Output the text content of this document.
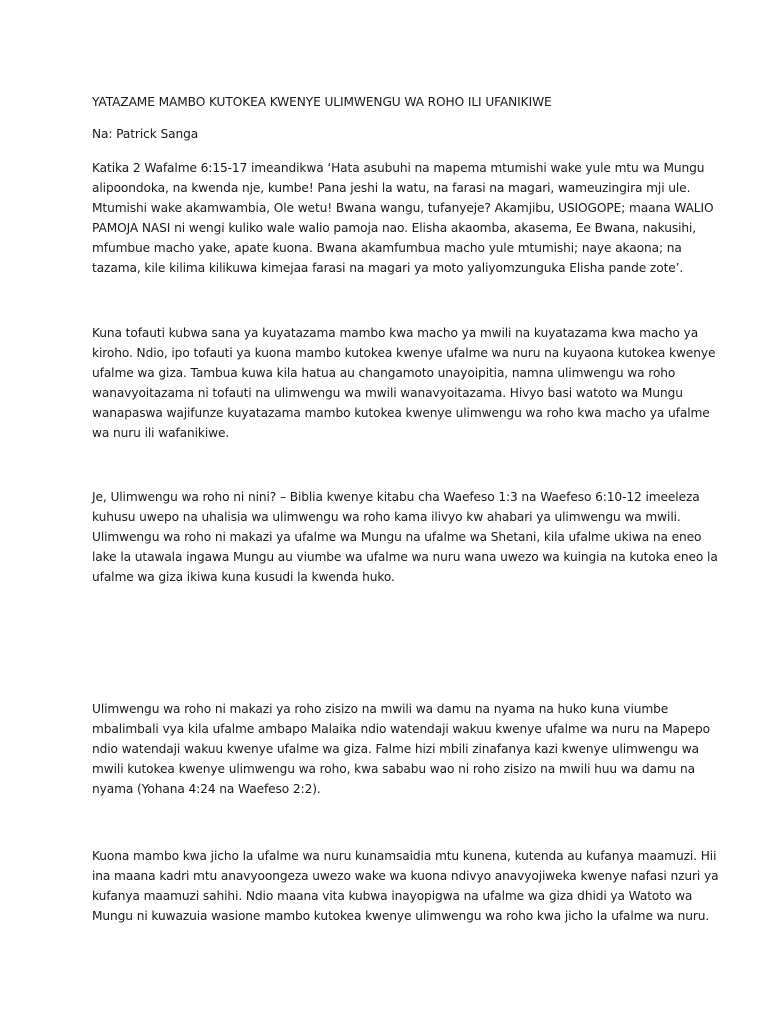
YATAZAME MAMBO KUTOKEA KWENYE ULIMWENGU WA ROHO ILI UFANIKIWE

Na: Patrick Sanga

Katika 2 Wafalme 6:15-17 imeandikwa ‘Hata asubuhi na mapema mtumishi wake yule mtu wa Mungu
alipoondoka, na kwenda nje, kumbe! Pana jeshi la watu, na farasi na magari, wameuzingira mji ule.
Mtumishi wake akamwambia, Ole wetu! Bwana wangu, tufanyeje? Akamjibu, USIOGOPE; maana WALIO
PAMOJA NASI ni wengi kuliko wale walio pamoja nao. Elisha akaomba, akasema, Ee Bwana, nakusihi,
mfumbue macho yake, apate kuona. Bwana akamfumbua macho yule mtumishi; naye akaona; na
tazama, kile kilima kilikuwa kimejaa farasi na magari ya moto yaliyomzunguka Elisha pande zote’.

Kuna tofauti kubwa sana ya kuyatazama mambo kwa macho ya mwili na kuyatazama kwa macho ya
kiroho. Ndio, ipo tofauti ya kuona mambo kutokea kwenye ufalme wa nuru na kuyaona kutokea kwenye
ufalme wa giza. Tambua kuwa kila hatua au changamoto unayoipitia, namna ulimwengu wa roho
wanavyoitazama ni tofauti na ulimwengu wa mwili wanavyoitazama. Hivyo basi watoto wa Mungu
wanapaswa wajifunze kuyatazama mambo kutokea kwenye ulimwengu wa roho kwa macho ya ufalme
wa nuru ili wafanikiwe.

Je, Ulimwengu wa roho ni nini? – Biblia kwenye kitabu cha Waefeso 1:3 na Waefeso 6:10-12 imeeleza
kuhusu uwepo na uhalisia wa ulimwengu wa roho kama ilivyo kw ahabari ya ulimwengu wa mwili.
Ulimwengu wa roho ni makazi ya ufalme wa Mungu na ufalme wa Shetani, kila ufalme ukiwa na eneo
lake la utawala ingawa Mungu au viumbe wa ufalme wa nuru wana uwezo wa kuingia na kutoka eneo la
ufalme wa giza ikiwa kuna kusudi la kwenda huko.

Ulimwengu wa roho ni makazi ya roho zisizo na mwili wa damu na nyama na huko kuna viumbe
mbalimbali vya kila ufalme ambapo Malaika ndio watendaji wakuu kwenye ufalme wa nuru na Mapepo
ndio watendaji wakuu kwenye ufalme wa giza. Falme hizi mbili zinafanya kazi kwenye ulimwengu wa
mwili kutokea kwenye ulimwengu wa roho, kwa sababu wao ni roho zisizo na mwili huu wa damu na
nyama (Yohana 4:24 na Waefeso 2:2).

Kuona mambo kwa jicho la ufalme wa nuru kunamsaidia mtu kunena, kutenda au kufanya maamuzi. Hii
ina maana kadri mtu anavyoongeza uwezo wake wa kuona ndivyo anavyojiweka kwenye nafasi nzuri ya
kufanya maamuzi sahihi. Ndio maana vita kubwa inayopigwa na ufalme wa giza dhidi ya Watoto wa
Mungu ni kuwazuia wasione mambo kutokea kwenye ulimwengu wa roho kwa jicho la ufalme wa nuru.
